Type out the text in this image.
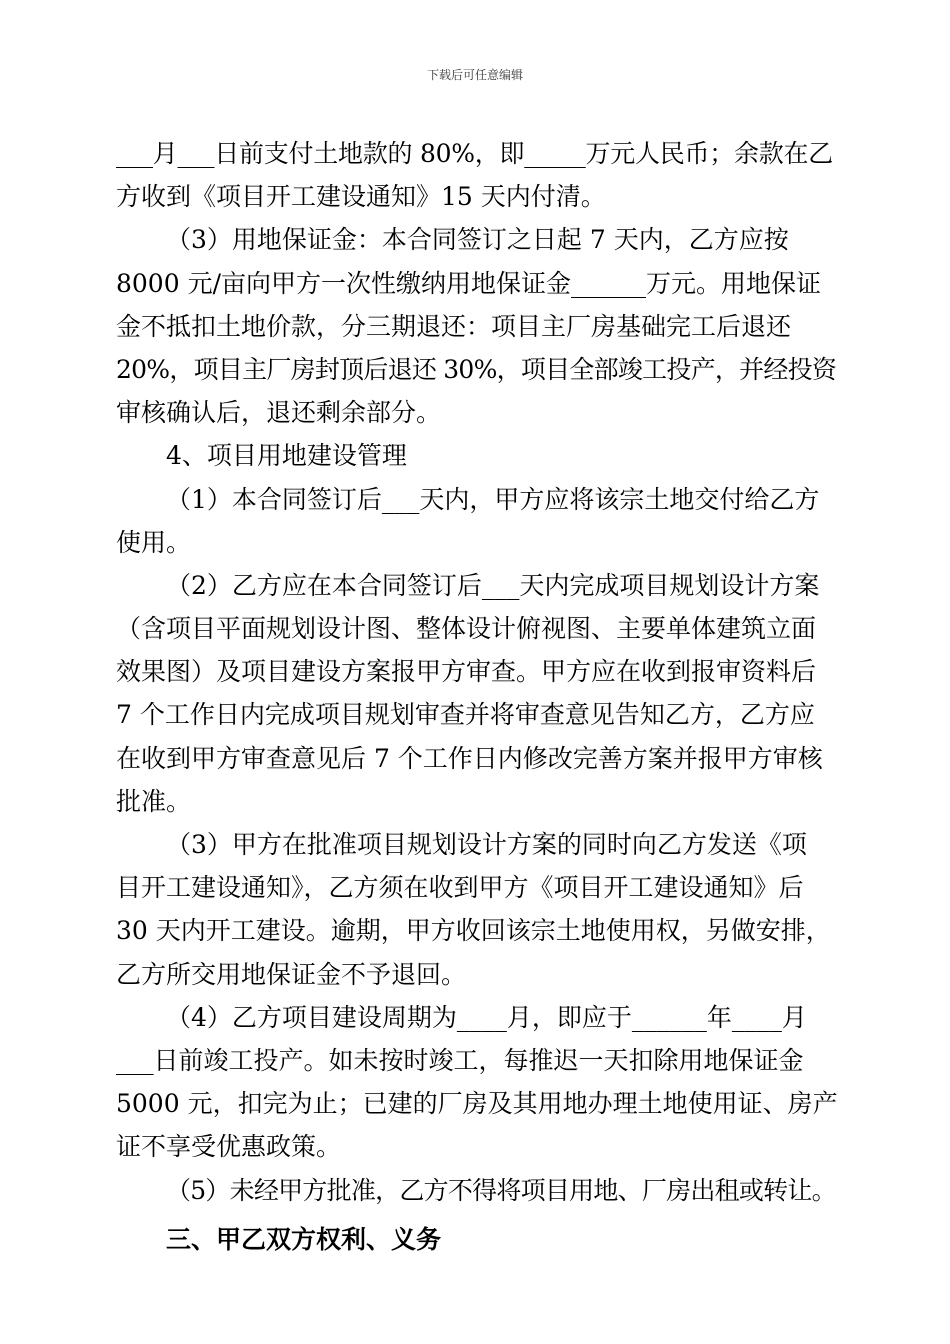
下载后可任意编辑
___月___日前支付土地款的 80%，即_____万元人民币；余款在乙
方收到《项目开工建设通知》15 天内付清。
（3）用地保证金：本合同签订之日起 7 天内，乙方应按
8000 元/亩向甲方一次性缴纳用地保证金______万元。用地保证
金不抵扣土地价款，分三期退还：项目主厂房基础完工后退还
20%，项目主厂房封顶后退还 30%，项目全部竣工投产，并经投资
审核确认后，退还剩余部分。
4、项目用地建设管理
（1）本合同签订后___天内，甲方应将该宗土地交付给乙方
使用。
（2）乙方应在本合同签订后___天内完成项目规划设计方案
（含项目平面规划设计图、整体设计俯视图、主要单体建筑立面
效果图）及项目建设方案报甲方审查。甲方应在收到报审资料后
7 个工作日内完成项目规划审查并将审查意见告知乙方，乙方应
在收到甲方审查意见后 7 个工作日内修改完善方案并报甲方审核
批准。
（3）甲方在批准项目规划设计方案的同时向乙方发送《项
目开工建设通知》，乙方须在收到甲方《项目开工建设通知》后
30 天内开工建设。逾期，甲方收回该宗土地使用权，另做安排，
乙方所交用地保证金不予退回。
（4）乙方项目建设周期为____月，即应于______年____月
___日前竣工投产。如未按时竣工，每推迟一天扣除用地保证金
5000 元，扣完为止；已建的厂房及其用地办理土地使用证、房产
证不享受优惠政策。
（5）未经甲方批准，乙方不得将项目用地、厂房出租或转让。
三、甲乙双方权利、义务
